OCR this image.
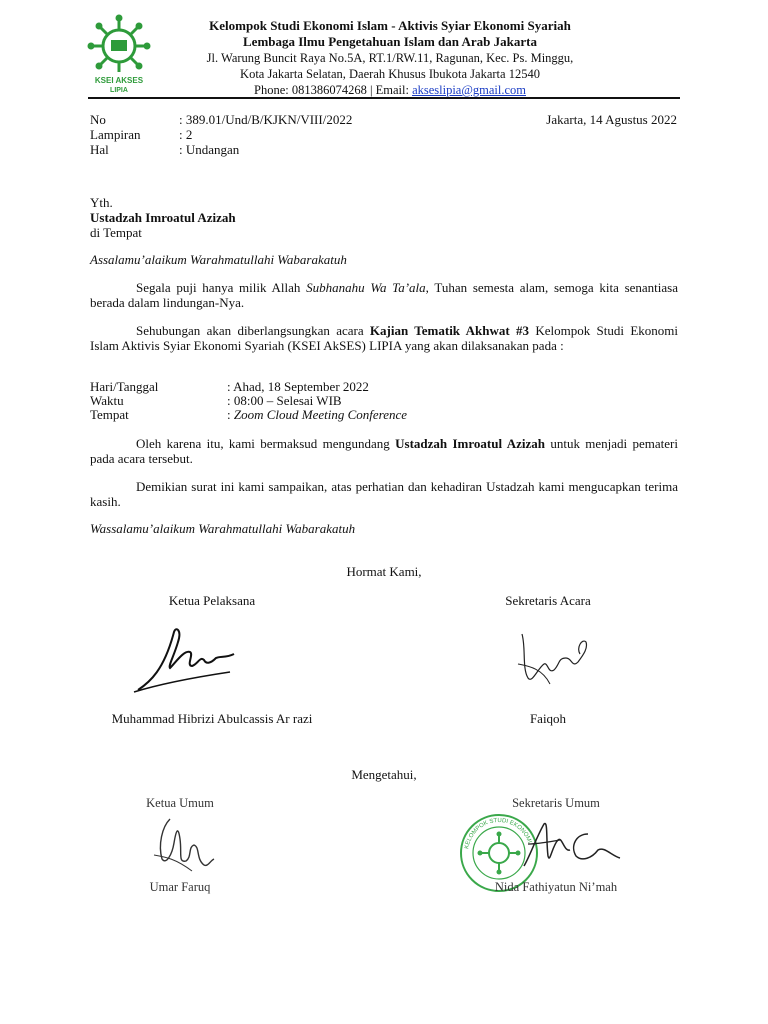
KSEI AKSES
LIPIA
Kelompok Studi Ekonomi Islam - Aktivis Syiar Ekonomi Syariah
Lembaga Ilmu Pengetahuan Islam dan Arab Jakarta
Jl. Warung Buncit Raya No.5A, RT.1/RW.11, Ragunan, Kec. Ps. Minggu,
Kota Jakarta Selatan, Daerah Khusus Ibukota Jakarta 12540
Phone: 081386074268 | Email: akseslipia@gmail.com
No	: 389.01/Und/B/KJKN/VIII/2022
Lampiran	: 2
Hal	: Undangan
Jakarta, 14 Agustus 2022
Yth.
Ustadzah Imroatul Azizah
di Tempat
Assalamu’alaikum Warahmatullahi Wabarakatuh
Segala puji hanya milik Allah Subhanahu Wa Ta’ala, Tuhan semesta alam, semoga kita senantiasa berada dalam lindungan-Nya.
Sehubungan akan diberlangsungkan acara Kajian Tematik Akhwat #3 Kelompok Studi Ekonomi Islam Aktivis Syiar Ekonomi Syariah (KSEI AkSES) LIPIA yang akan dilaksanakan pada :
Hari/Tanggal	: Ahad, 18 September 2022
Waktu	: 08:00 – Selesai WIB
Tempat	: Zoom Cloud Meeting Conference
Oleh karena itu, kami bermaksud mengundang Ustadzah Imroatul Azizah untuk menjadi pemateri pada acara tersebut.
Demikian surat ini kami sampaikan, atas perhatian dan kehadiran Ustadzah kami mengucapkan terima kasih.
Wassalamu’alaikum Warahmatullahi Wabarakatuh
Hormat Kami,
Ketua Pelaksana	Sekretaris Acara
Muhammad Hibrizi Abulcassis Ar razi	Faiqoh
Mengetahui,
Ketua Umum	Sekretaris Umum
KELOMPOK STUDI EKONOMI
Umar Faruq	Nida Fathiyatun Ni’mah
